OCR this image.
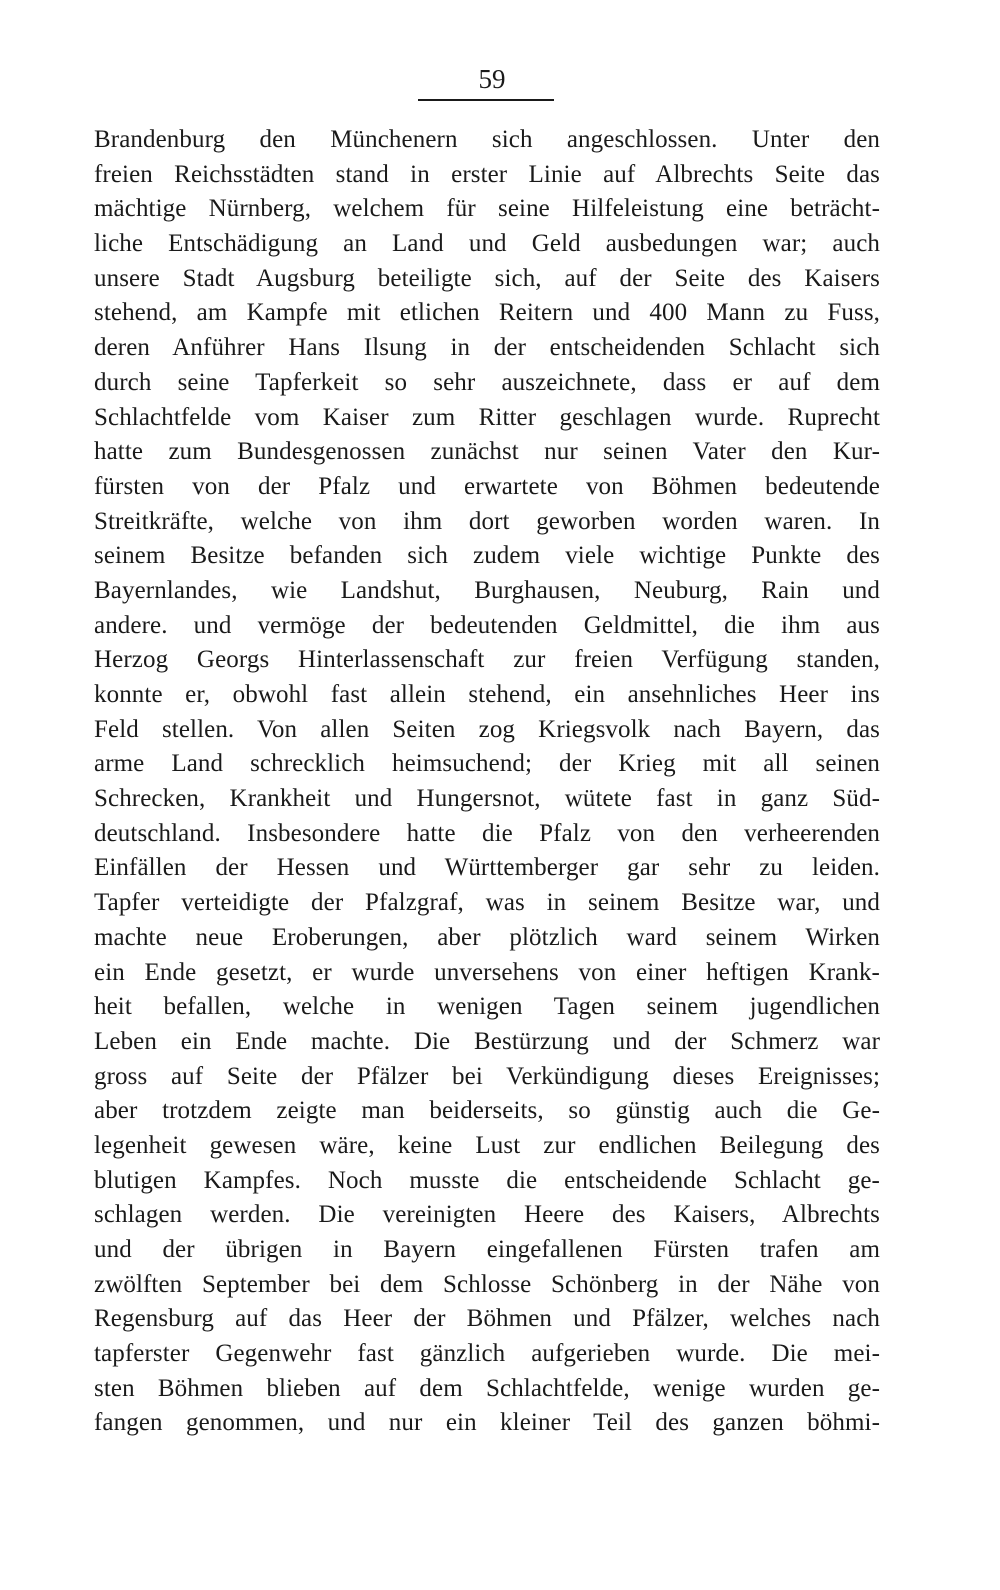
59
Brandenburg den Münchenern sich angeschlossen. Unter den
freien Reichsstädten stand in erster Linie auf Albrechts Seite das
mächtige Nürnberg, welchem für seine Hilfeleistung eine beträcht-
liche Entschädigung an Land und Geld ausbedungen war; auch
unsere Stadt Augsburg beteiligte sich, auf der Seite des Kaisers
stehend, am Kampfe mit etlichen Reitern und 400 Mann zu Fuss,
deren Anführer Hans Ilsung in der entscheidenden Schlacht sich
durch seine Tapferkeit so sehr auszeichnete, dass er auf dem
Schlachtfelde vom Kaiser zum Ritter geschlagen wurde. Ruprecht
hatte zum Bundesgenossen zunächst nur seinen Vater den Kur-
fürsten von der Pfalz und erwartete von Böhmen bedeutende
Streitkräfte, welche von ihm dort geworben worden waren. In
seinem Besitze befanden sich zudem viele wichtige Punkte des
Bayernlandes, wie Landshut, Burghausen, Neuburg, Rain und
andere. und vermöge der bedeutenden Geldmittel, die ihm aus
Herzog Georgs Hinterlassenschaft zur freien Verfügung standen,
konnte er, obwohl fast allein stehend, ein ansehnliches Heer ins
Feld stellen. Von allen Seiten zog Kriegsvolk nach Bayern, das
arme Land schrecklich heimsuchend; der Krieg mit all seinen
Schrecken, Krankheit und Hungersnot, wütete fast in ganz Süd-
deutschland. Insbesondere hatte die Pfalz von den verheerenden
Einfällen der Hessen und Württemberger gar sehr zu leiden.
Tapfer verteidigte der Pfalzgraf, was in seinem Besitze war, und
machte neue Eroberungen, aber plötzlich ward seinem Wirken
ein Ende gesetzt, er wurde unversehens von einer heftigen Krank-
heit befallen, welche in wenigen Tagen seinem jugendlichen
Leben ein Ende machte. Die Bestürzung und der Schmerz war
gross auf Seite der Pfälzer bei Verkündigung dieses Ereignisses;
aber trotzdem zeigte man beiderseits, so günstig auch die Ge-
legenheit gewesen wäre, keine Lust zur endlichen Beilegung des
blutigen Kampfes. Noch musste die entscheidende Schlacht ge-
schlagen werden. Die vereinigten Heere des Kaisers, Albrechts
und der übrigen in Bayern eingefallenen Fürsten trafen am
zwölften September bei dem Schlosse Schönberg in der Nähe von
Regensburg auf das Heer der Böhmen und Pfälzer, welches nach
tapferster Gegenwehr fast gänzlich aufgerieben wurde. Die mei-
sten Böhmen blieben auf dem Schlachtfelde, wenige wurden ge-
fangen genommen, und nur ein kleiner Teil des ganzen böhmi-
